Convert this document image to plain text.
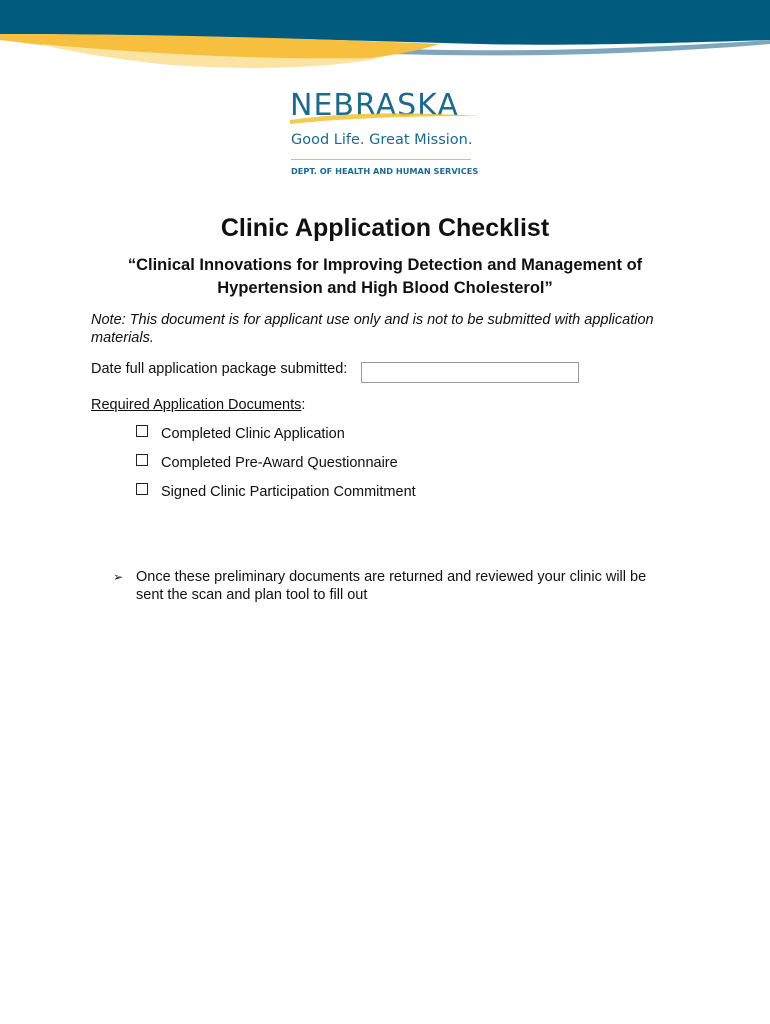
NEBRASKA
Good Life. Great Mission.
DEPT. OF HEALTH AND HUMAN SERVICES
Clinic Application Checklist

“Clinical Innovations for Improving Detection and Management of Hypertension and High Blood Cholesterol”

Note: This document is for applicant use only and is not to be submitted with application materials.

Date full application package submitted:

Required Application Documents:

Completed Clinic Application
Completed Pre-Award Questionnaire
Signed Clinic Participation Commitment
➢ Once these preliminary documents are returned and reviewed your clinic will be sent the scan and plan tool to fill out
